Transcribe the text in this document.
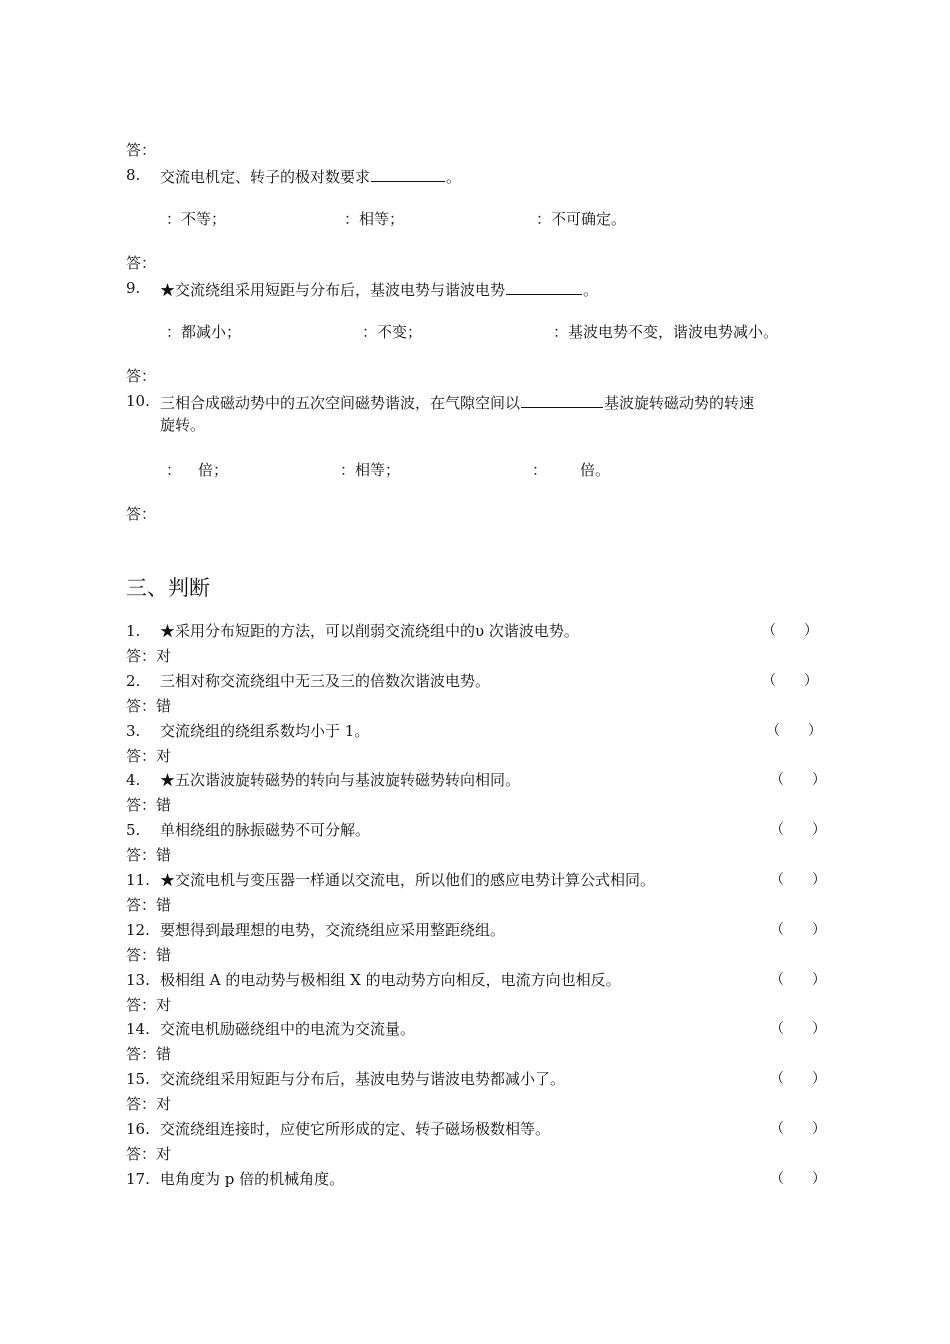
答：
8. 交流电机定、转子的极对数要求	。
：不等；	：相等；	：不可确定。
答：
9. ★交流绕组采用短距与分布后，基波电势与谐波电势	。
：都减小；	：不变；	：基波电势不变，谐波电势减小。
答：
10. 三相合成磁动势中的五次空间磁势谐波，在气隙空间以	基波旋转磁动势的转速
旋转。
： 倍；	：相等；	： 倍。
答：
三、判断
1. ★采用分布短距的方法，可以削弱交流绕组中的υ 次谐波电势。	（　　）
答：对
2. 三相对称交流绕组中无三及三的倍数次谐波电势。	（　　）
答：错
3. 交流绕组的绕组系数均小于 1。	（　　）
答：对
4. ★五次谐波旋转磁势的转向与基波旋转磁势转向相同。	（　　）
答：错
5. 单相绕组的脉振磁势不可分解。	（　　）
答：错
11. ★交流电机与变压器一样通以交流电，所以他们的感应电势计算公式相同。	（　　）
答：错
12. 要想得到最理想的电势，交流绕组应采用整距绕组。	（　　）
答：错
13. 极相组 A 的电动势与极相组 X 的电动势方向相反，电流方向也相反。	（　　）
答：对
14. 交流电机励磁绕组中的电流为交流量。	（　　）
答：错
15. 交流绕组采用短距与分布后，基波电势与谐波电势都减小了。	（　　）
答：对
16. 交流绕组连接时，应使它所形成的定、转子磁场极数相等。	（　　）
答：对
17. 电角度为 p 倍的机械角度。	（　　）
